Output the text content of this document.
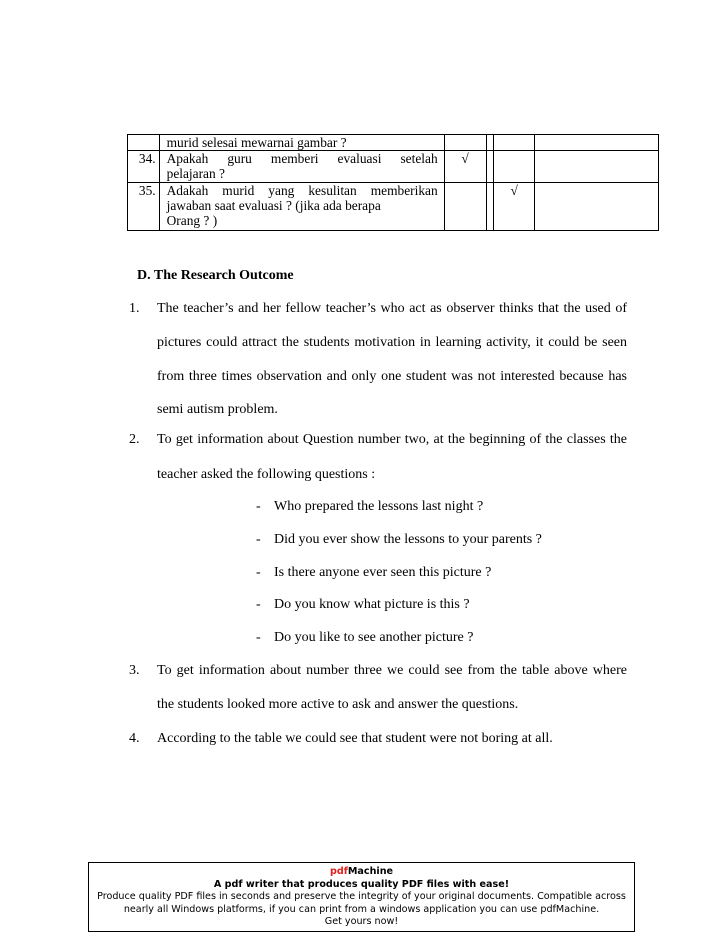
	murid selesai mewarnai gambar ?				
34.	Apakah guru memberi evaluasi setelah
pelajaran ?	√			
35.	Adakah murid yang kesulitan memberikan
jawaban saat evaluasi ? (jika ada berapa
Orang ? )			√	
D. The Research Outcome
1. The teacher’s and her fellow teacher’s who act as observer thinks that the used of
pictures could attract the students motivation in learning activity, it could be seen
from three times observation and only one student was not interested because has
semi autism problem.
2. To get information about Question number two, at the beginning of the classes the
teacher asked the following questions :
- Who prepared the lessons last night ?
- Did you ever show the lessons to your parents ?
- Is there anyone ever seen this picture ?
- Do you know what picture is this ?
- Do you like to see another picture ?
3. To get information about number three we could see from the table above where
the students looked more active to ask and answer the questions.
4. According to the table we could see that student were not boring at all.
pdfMachine
A pdf writer that produces quality PDF files with ease!
Produce quality PDF files in seconds and preserve the integrity of your original documents. Compatible across nearly all Windows platforms, if you can print from a windows application you can use pdfMachine.
Get yours now!
